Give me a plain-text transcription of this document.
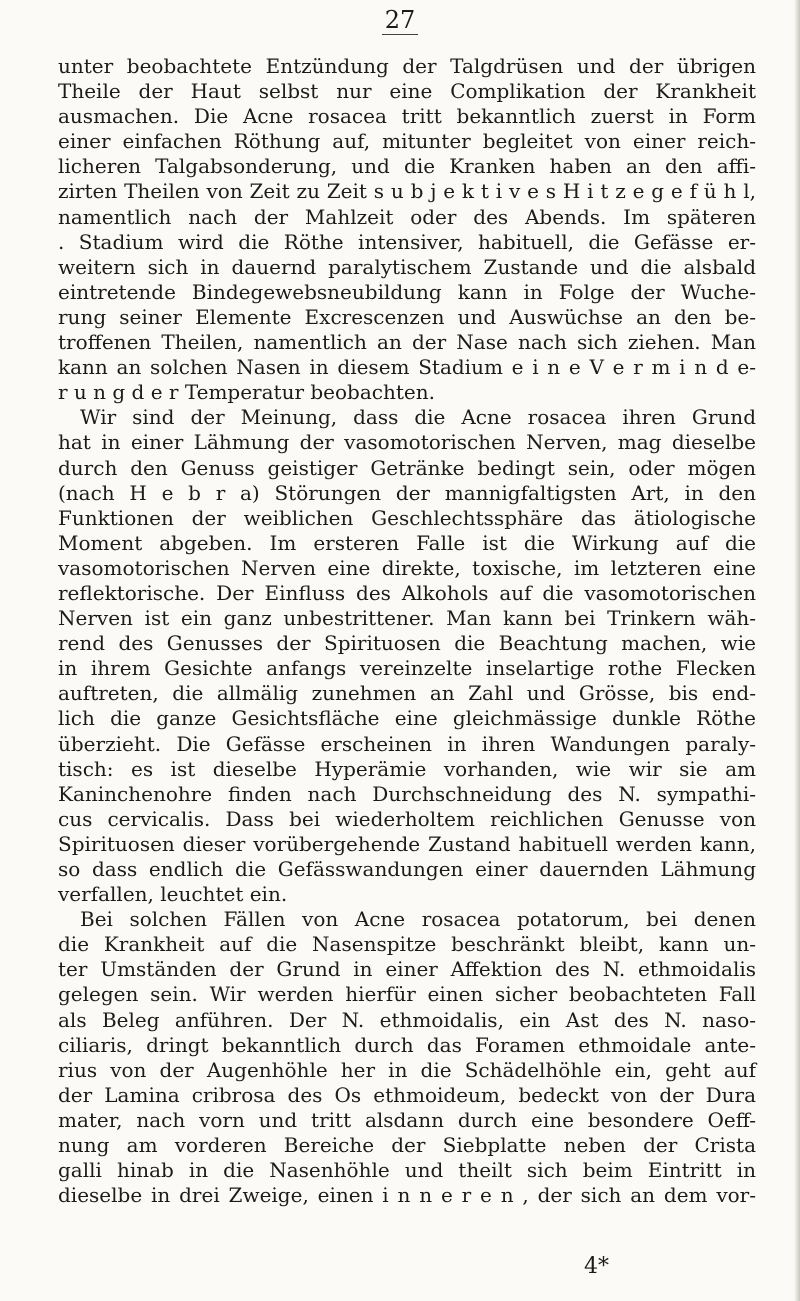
27
unter beobachtete Entzündung der Talgdrüsen und der übrigen
Theile der Haut selbst nur eine Complikation der Krankheit
ausmachen. Die Acne rosacea tritt bekanntlich zuerst in Form
einer einfachen Röthung auf, mitunter begleitet von einer reich-
licheren Talgabsonderung, und die Kranken haben an den affi-
zirten Theilen von Zeit zu Zeit s u b j e k t i v e s H i t z e g e f ü h l,
namentlich nach der Mahlzeit oder des Abends. Im späteren
. Stadium wird die Röthe intensiver, habituell, die Gefässe er-
weitern sich in dauernd paralytischem Zustande und die alsbald
eintretende Bindegewebsneubildung kann in Folge der Wuche-
rung seiner Elemente Excrescenzen und Auswüchse an den be-
troffenen Theilen, namentlich an der Nase nach sich ziehen. Man
kann an solchen Nasen in diesem Stadium e i n e V e r m i n d e-
r u n g d e r Temperatur beobachten.
Wir sind der Meinung, dass die Acne rosacea ihren Grund
hat in einer Lähmung der vasomotorischen Nerven, mag dieselbe
durch den Genuss geistiger Getränke bedingt sein, oder mögen
(nach H e b r a) Störungen der mannigfaltigsten Art, in den
Funktionen der weiblichen Geschlechtssphäre das ätiologische
Moment abgeben. Im ersteren Falle ist die Wirkung auf die
vasomotorischen Nerven eine direkte, toxische, im letzteren eine
reflektorische. Der Einfluss des Alkohols auf die vasomotorischen
Nerven ist ein ganz unbestrittener. Man kann bei Trinkern wäh-
rend des Genusses der Spirituosen die Beachtung machen, wie
in ihrem Gesichte anfangs vereinzelte inselartige rothe Flecken
auftreten, die allmälig zunehmen an Zahl und Grösse, bis end-
lich die ganze Gesichtsfläche eine gleichmässige dunkle Röthe
überzieht. Die Gefässe erscheinen in ihren Wandungen paraly-
tisch: es ist dieselbe Hyperämie vorhanden, wie wir sie am
Kaninchenohre finden nach Durchschneidung des N. sympathi-
cus cervicalis. Dass bei wiederholtem reichlichen Genusse von
Spirituosen dieser vorübergehende Zustand habituell werden kann,
so dass endlich die Gefässwandungen einer dauernden Lähmung
verfallen, leuchtet ein.
Bei solchen Fällen von Acne rosacea potatorum, bei denen
die Krankheit auf die Nasenspitze beschränkt bleibt, kann un-
ter Umständen der Grund in einer Affektion des N. ethmoidalis
gelegen sein. Wir werden hierfür einen sicher beobachteten Fall
als Beleg anführen. Der N. ethmoidalis, ein Ast des N. naso-
ciliaris, dringt bekanntlich durch das Foramen ethmoidale ante-
rius von der Augenhöhle her in die Schädelhöhle ein, geht auf
der Lamina cribrosa des Os ethmoideum, bedeckt von der Dura
mater, nach vorn und tritt alsdann durch eine besondere Oeff-
nung am vorderen Bereiche der Siebplatte neben der Crista
galli hinab in die Nasenhöhle und theilt sich beim Eintritt in
dieselbe in drei Zweige, einen i n n e r e n , der sich an dem vor-
4*
